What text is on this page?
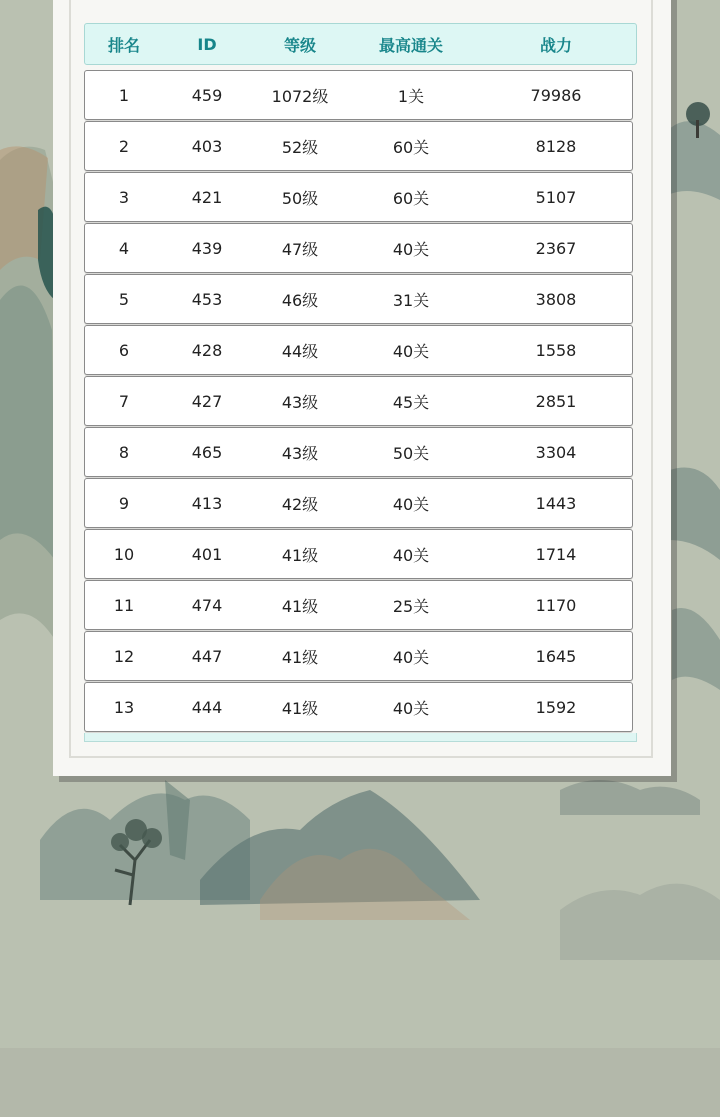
排名	ID	等级	最高通关	战力
1	459	1072级	1关	79986
2	403	52级	60关	8128
3	421	50级	60关	5107
4	439	47级	40关	2367
5	453	46级	31关	3808
6	428	44级	40关	1558
7	427	43级	45关	2851
8	465	43级	50关	3304
9	413	42级	40关	1443
10	401	41级	40关	1714
11	474	41级	25关	1170
12	447	41级	40关	1645
13	444	41级	40关	1592
